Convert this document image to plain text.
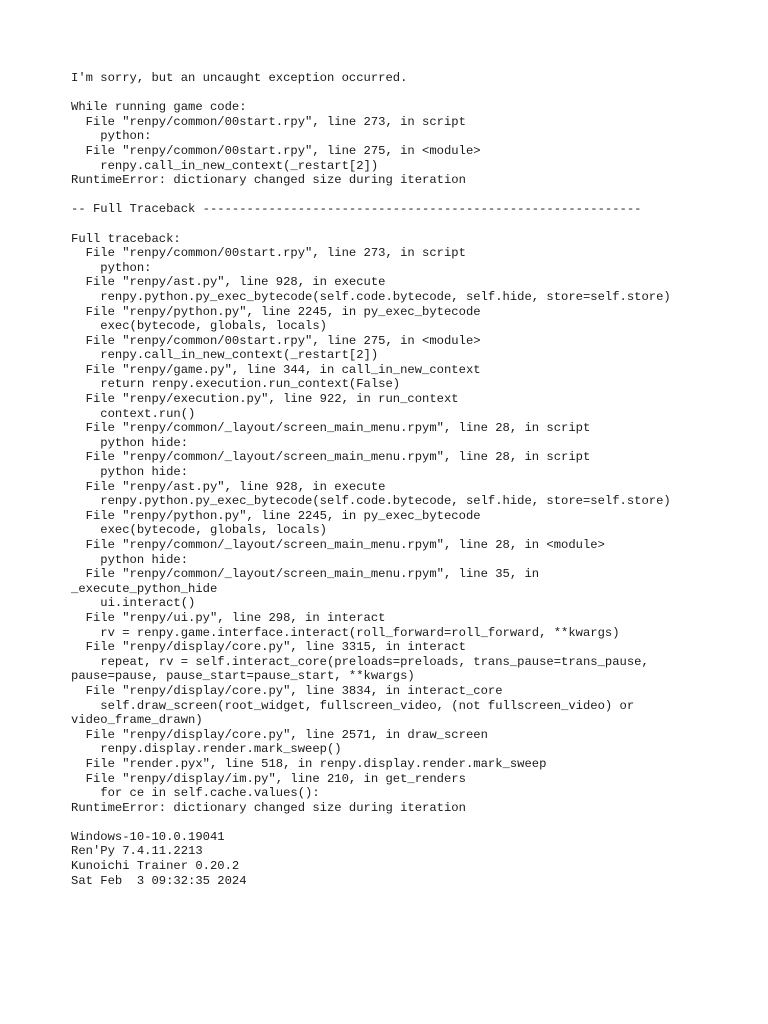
I'm sorry, but an uncaught exception occurred.
While running game code:
File "renpy/common/00start.rpy", line 273, in script
python:
File "renpy/common/00start.rpy", line 275, in <module>
renpy.call_in_new_context(_restart[2])
RuntimeError: dictionary changed size during iteration
-- Full Traceback ------------------------------------------------------------
Full traceback:
File "renpy/common/00start.rpy", line 273, in script
python:
File "renpy/ast.py", line 928, in execute
renpy.python.py_exec_bytecode(self.code.bytecode, self.hide, store=self.store)
File "renpy/python.py", line 2245, in py_exec_bytecode
exec(bytecode, globals, locals)
File "renpy/common/00start.rpy", line 275, in <module>
renpy.call_in_new_context(_restart[2])
File "renpy/game.py", line 344, in call_in_new_context
return renpy.execution.run_context(False)
File "renpy/execution.py", line 922, in run_context
context.run()
File "renpy/common/_layout/screen_main_menu.rpym", line 28, in script
python hide:
File "renpy/common/_layout/screen_main_menu.rpym", line 28, in script
python hide:
File "renpy/ast.py", line 928, in execute
renpy.python.py_exec_bytecode(self.code.bytecode, self.hide, store=self.store)
File "renpy/python.py", line 2245, in py_exec_bytecode
exec(bytecode, globals, locals)
File "renpy/common/_layout/screen_main_menu.rpym", line 28, in <module>
python hide:
File "renpy/common/_layout/screen_main_menu.rpym", line 35, in
_execute_python_hide
ui.interact()
File "renpy/ui.py", line 298, in interact
rv = renpy.game.interface.interact(roll_forward=roll_forward, **kwargs)
File "renpy/display/core.py", line 3315, in interact
repeat, rv = self.interact_core(preloads=preloads, trans_pause=trans_pause,
pause=pause, pause_start=pause_start, **kwargs)
File "renpy/display/core.py", line 3834, in interact_core
self.draw_screen(root_widget, fullscreen_video, (not fullscreen_video) or
video_frame_drawn)
File "renpy/display/core.py", line 2571, in draw_screen
renpy.display.render.mark_sweep()
File "render.pyx", line 518, in renpy.display.render.mark_sweep
File "renpy/display/im.py", line 210, in get_renders
for ce in self.cache.values():
RuntimeError: dictionary changed size during iteration
Windows-10-10.0.19041
Ren'Py 7.4.11.2213
Kunoichi Trainer 0.20.2
Sat Feb  3 09:32:35 2024
